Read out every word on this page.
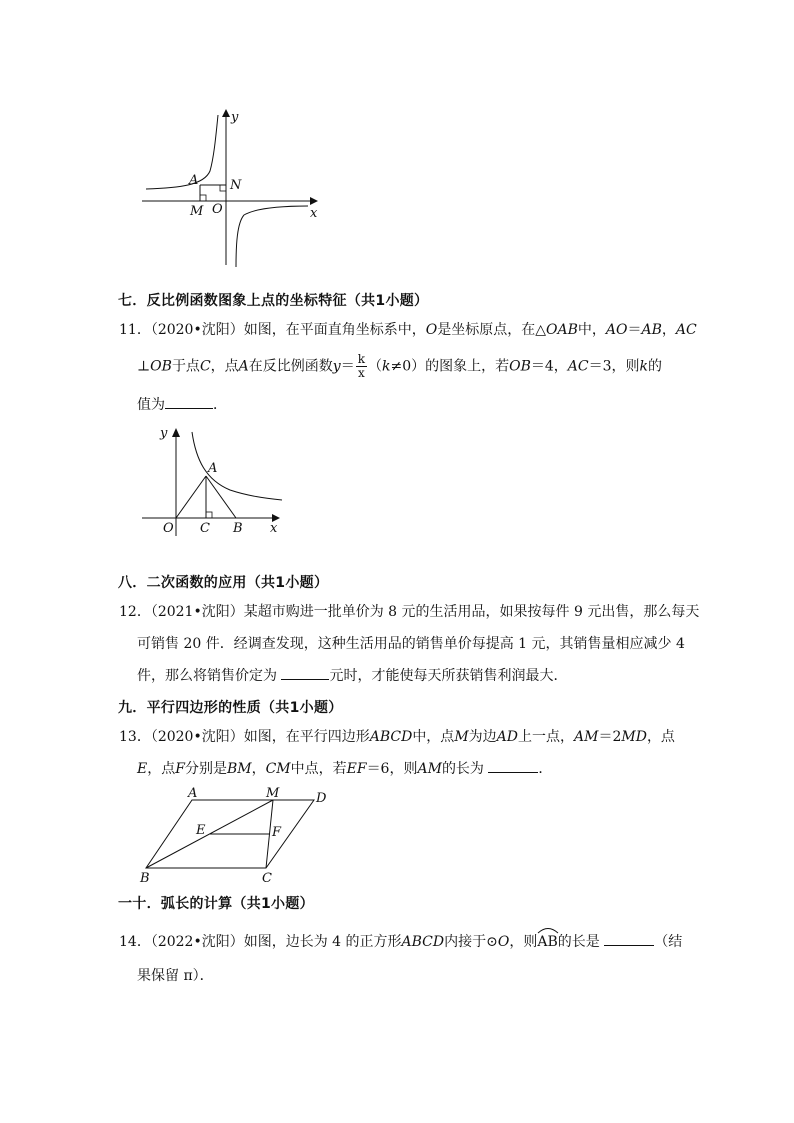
y
x
A N
M O
七．反比例函数图象上点的坐标特征（共1小题）
11．（2020•沈阳）如图，在平面直角坐标系中，O是坐标原点，在△OAB中，AO＝AB，AC
⊥OB于点C，点A在反比例函数$y= \frac{k}{x} (k\ne 0)$的图象上，若OB＝4，AC＝3，则k的
值为	．
y
x
A
O C B
八．二次函数的应用（共1小题）
12．（2021•沈阳）某超市购进一批单价为 8 元的生活用品，如果按每件 9 元出售，那么每天
可销售 20 件．经调查发现，这种生活用品的销售单价每提高 1 元，其销售量相应减少 4
件，那么将销售价定为	元时，才能使每天所获销售利润最大．
九．平行四边形的性质（共1小题）
13．（2020•沈阳）如图，在平行四边形ABCD中，点M为边AD上一点，AM＝2MD，点
E，点F分别是BM，CM中点，若EF＝6，则AM的长为	．
A	M	D
E	F
B	C
一十．弧长的计算（共1小题）
14．（2022•沈阳）如图，边长为 4 的正方形ABCD内接于⊙O，则
AB的长是	（结
果保留 π）．
